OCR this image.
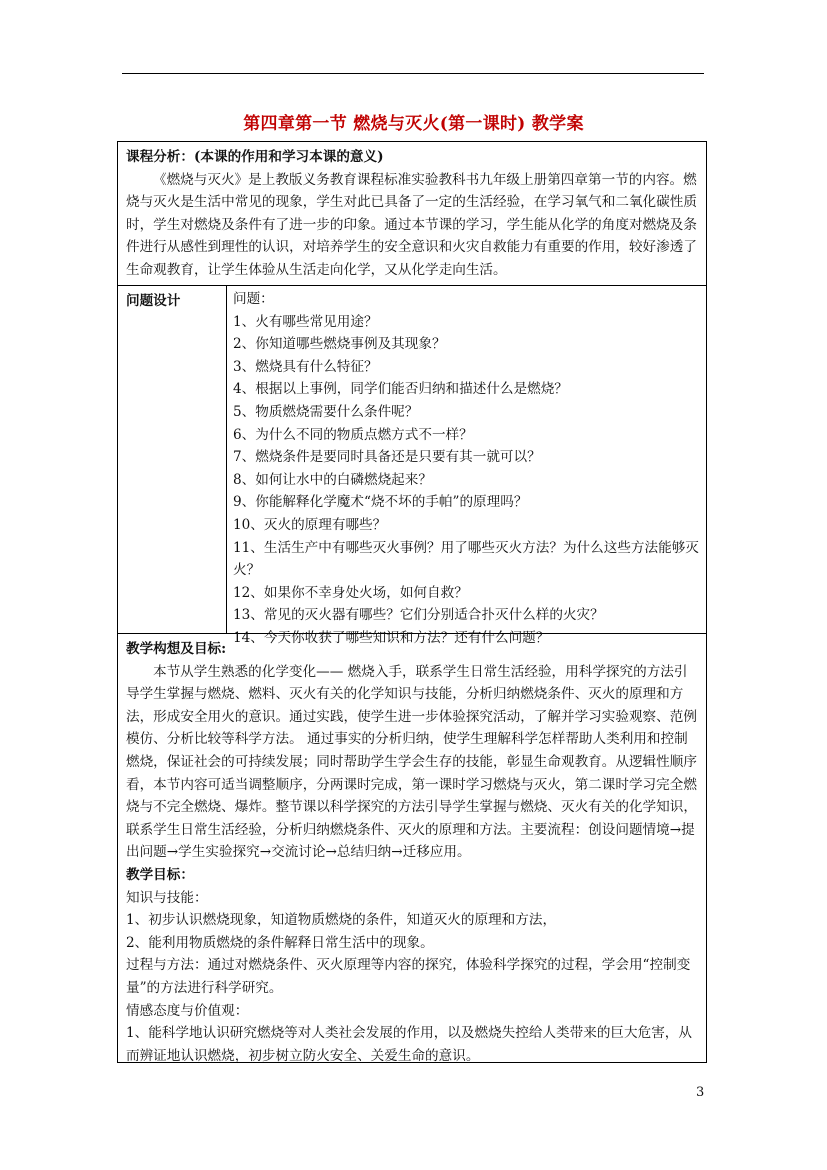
第四章第一节 燃烧与灭火(第一课时) 教学案
课程分析：(本课的作用和学习本课的意义)
《燃烧与灭火》是上教版义务教育课程标准实验教科书九年级上册第四章第一节的内容。燃烧与灭火是生活中常见的现象，学生对此已具备了一定的生活经验，在学习氧气和二氧化碳性质时，学生对燃烧及条件有了进一步的印象。通过本节课的学习，学生能从化学的角度对燃烧及条件进行从感性到理性的认识，对培养学生的安全意识和火灾自救能力有重要的作用，较好渗透了生命观教育，让学生体验从生活走向化学，又从化学走向生活。
问题设计	问题：

1、火有哪些常见用途？

2、你知道哪些燃烧事例及其现象？

3、燃烧具有什么特征？

4、根据以上事例，同学们能否归纳和描述什么是燃烧？

5、物质燃烧需要什么条件呢？

6、为什么不同的物质点燃方式不一样？

7、燃烧条件是要同时具备还是只要有其一就可以？

8、如何让水中的白磷燃烧起来？

9、你能解释化学魔术“烧不坏的手帕”的原理吗？

10、灭火的原理有哪些？

11、生活生产中有哪些灭火事例？用了哪些灭火方法？为什么这些方法能够灭火？

12、如果你不幸身处火场，如何自救？

13、常见的灭火器有哪些？它们分别适合扑灭什么样的火灾？

14、今天你收获了哪些知识和方法？还有什么问题？

教学构想及目标:

本节从学生熟悉的化学变化—— 燃烧入手，联系学生日常生活经验，用科学探究的方法引导学生掌握与燃烧、燃料、灭火有关的化学知识与技能，分析归纳燃烧条件、灭火的原理和方法，形成安全用火的意识。通过实践，使学生进一步体验探究活动，了解并学习实验观察、范例模仿、分析比较等科学方法。 通过事实的分析归纳，使学生理解科学怎样帮助人类利用和控制燃烧，保证社会的可持续发展；同时帮助学生学会生存的技能，彰显生命观教育。从逻辑性顺序看，本节内容可适当调整顺序，分两课时完成，第一课时学习燃烧与灭火，第二课时学习完全燃烧与不完全燃烧、爆炸。整节课以科学探究的方法引导学生掌握与燃烧、灭火有关的化学知识，联系学生日常生活经验，分析归纳燃烧条件、灭火的原理和方法。主要流程：创设问题情境→提出问题→学生实验探究→交流讨论→总结归纳→迁移应用。

教学目标：

知识与技能：

1、初步认识燃烧现象，知道物质燃烧的条件，知道灭火的原理和方法，

2、能利用物质燃烧的条件解释日常生活中的现象。

过程与方法：通过对燃烧条件、灭火原理等内容的探究，体验科学探究的过程，学会用“控制变量”的方法进行科学研究。

情感态度与价值观：

1、能科学地认识研究燃烧等对人类社会发展的作用，以及燃烧失控给人类带来的巨大危害，从而辨证地认识燃烧，初步树立防火安全、关爱生命的意识。

3
